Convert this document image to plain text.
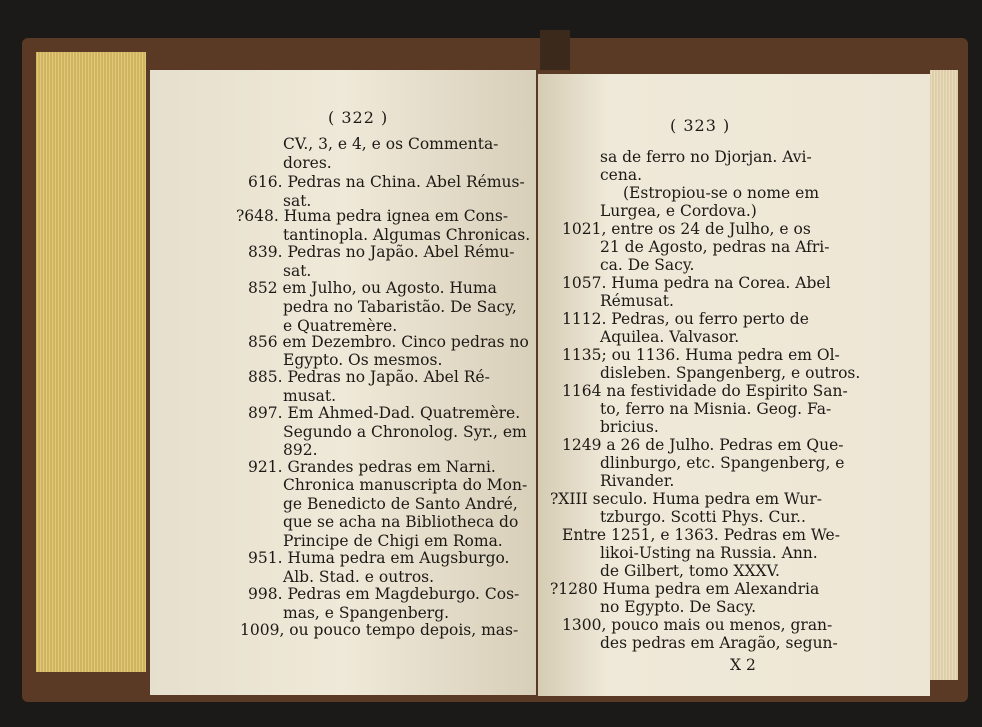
( 322 )
CV., 3, e 4, e os Commenta-
dores.
616. Pedras na China. Abel Rémus-
sat.
?648. Huma pedra ignea em Cons-
tantinopla. Algumas Chronicas.
839. Pedras no Japão. Abel Rému-
sat.
852 em Julho, ou Agosto. Huma
pedra no Tabaristão. De Sacy,
e Quatremère.
856 em Dezembro. Cinco pedras no
Egypto. Os mesmos.
885. Pedras no Japão. Abel Ré-
musat.
897. Em Ahmed-Dad. Quatremère.
Segundo a Chronolog. Syr., em
892.
921. Grandes pedras em Narni.
Chronica manuscripta do Mon-
ge Benedicto de Santo André,
que se acha na Bibliotheca do
Principe de Chigi em Roma.
951. Huma pedra em Augsburgo.
Alb. Stad. e outros.
998. Pedras em Magdeburgo. Cos-
mas, e Spangenberg.
1009, ou pouco tempo depois, mas-
( 323 )
sa de ferro no Djorjan. Avi-
cena.
(Estropiou-se o nome em
Lurgea, e Cordova.)
1021, entre os 24 de Julho, e os
21 de Agosto, pedras na Afri-
ca. De Sacy.
1057. Huma pedra na Corea. Abel
Rémusat.
1112. Pedras, ou ferro perto de
Aquilea. Valvasor.
1135; ou 1136. Huma pedra em Ol-
disleben. Spangenberg, e outros.
1164 na festividade do Espirito San-
to, ferro na Misnia. Geog. Fa-
bricius.
1249 a 26 de Julho. Pedras em Que-
dlinburgo, etc. Spangenberg, e
Rivander.
?XIII seculo. Huma pedra em Wur-
tzburgo. Scotti Phys. Cur..
Entre 1251, e 1363. Pedras em We-
likoi-Usting na Russia. Ann.
de Gilbert, tomo XXXV.
?1280 Huma pedra em Alexandria
no Egypto. De Sacy.
1300, pouco mais ou menos, gran-
des pedras em Aragão, segun-
X 2
